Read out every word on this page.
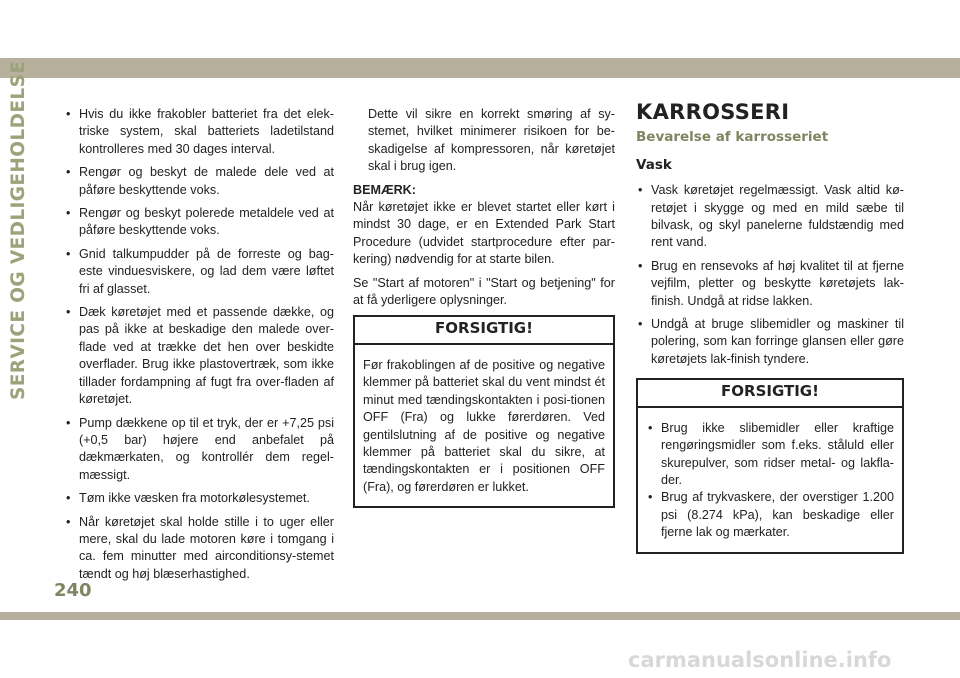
SERVICE OG VEDLIGEHOLDELSE
•	Hvis du ikke frakobler batteriet fra det elek-triske system, skal batteriets ladetilstand kontrolleres med 30 dages interval.
• Rengør og beskyt de malede dele ved at påføre beskyttende voks.
• Rengør og beskyt polerede metaldele ved at påføre beskyttende voks.
• Gnid talkumpudder på de forreste og bag-este vinduesviskere, og lad dem være løftet fri af glasset.
• Dæk køretøjet med et passende dække, og pas på ikke at beskadige den malede over-flade ved at trække det hen over beskidte overflader. Brug ikke plastovertræk, som ikke tillader fordampning af fugt fra over-fladen af køretøjet.
• Pump dækkene op til et tryk, der er +7,25 psi (+0,5 bar) højere end anbefalet på dækmærkaten, og kontrollér dem regel-mæssigt.
• Tøm ikke væsken fra motorkølesystemet.
• Når køretøjet skal holde stille i to uger eller mere, skal du lade motoren køre i tomgang i ca. fem minutter med airconditionsy-stemet tændt og høj blæserhastighed.

Dette vil sikre en korrekt smøring af sy-stemet, hvilket minimerer risikoen for be-skadigelse af kompressoren, når køretøjet skal i brug igen.

BEMÆRK:

Når køretøjet ikke er blevet startet eller kørt i mindst 30 dage, er en Extended Park Start Procedure (udvidet startprocedure efter par-kering) nødvendig for at starte bilen.

Se "Start af motoren" i "Start og betjening" for at få yderligere oplysninger.

FORSIGTIG!

Før frakoblingen af de positive og negative klemmer på batteriet skal du vent mindst ét minut med tændingskontakten i posi-tionen OFF (Fra) og lukke førerdøren. Ved gentilslutning af de positive og negative klemmer på batteriet skal du sikre, at tændingskontakten er i positionen OFF (Fra), og førerdøren er lukket.

KARROSSERI
Bevarelse af karrosseriet
Vask
• Vask køretøjet regelmæssigt. Vask altid kø-retøjet i skygge og med en mild sæbe til bilvask, og skyl panelerne fuldstændig med rent vand.
• Brug en rensevoks af høj kvalitet til at fjerne vejfilm, pletter og beskytte køretøjets lak-finish. Undgå at ridse lakken.
• Undgå at bruge slibemidler og maskiner til polering, som kan forringe glansen eller gøre køretøjets lak-finish tyndere.
FORSIGTIG!
• Brug ikke slibemidler eller kraftige rengøringsmidler som f.eks. ståluld eller skurepulver, som ridser metal- og lakfla-der.
• Brug af trykvaskere, der overstiger 1.200 psi (8.274 kPa), kan beskadige eller fjerne lak og mærkater.
240
carmanualsonline.info
